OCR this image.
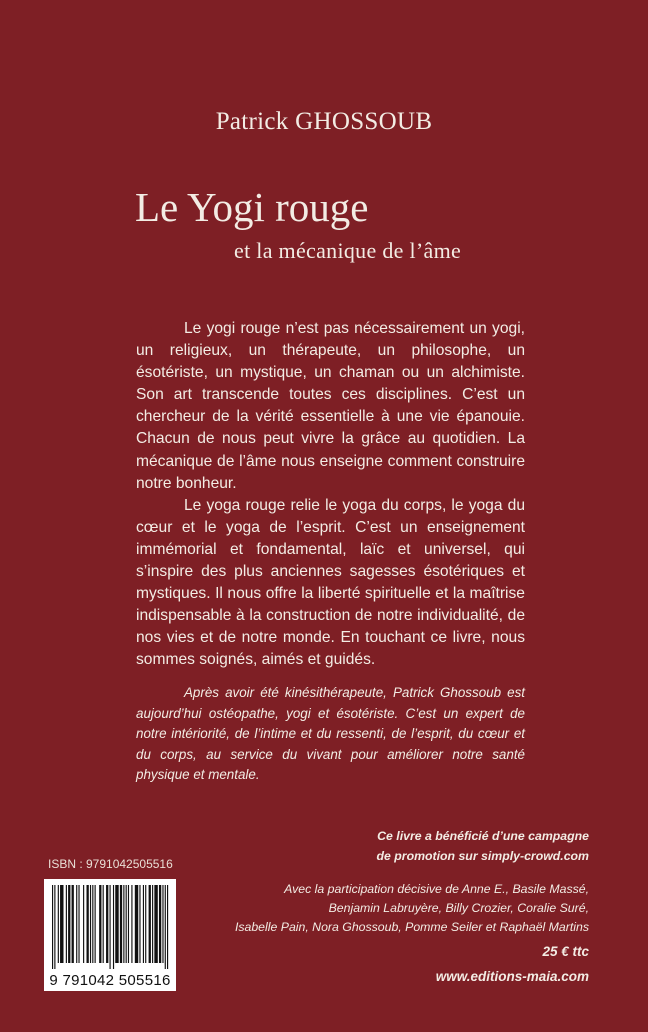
Patrick GHOSSOUB
Le Yogi rouge
et la mécanique de l’âme

Le yogi rouge n’est pas nécessairement un yogi, un religieux, un thérapeute, un philosophe, un ésotériste, un mystique, un chaman ou un alchimiste. Son art transcende toutes ces disciplines. C’est un chercheur de la vérité essentielle à une vie épanouie. Chacun de nous peut vivre la grâce au quotidien. La mécanique de l’âme nous enseigne comment construire notre bonheur.

Le yoga rouge relie le yoga du corps, le yoga du cœur et le yoga de l’esprit. C’est un enseignement immémorial et fondamental, laïc et universel, qui s’inspire des plus anciennes sagesses ésotériques et mystiques. Il nous offre la liberté spirituelle et la maîtrise indispensable à la construction de notre individualité, de nos vies et de notre monde. En touchant ce livre, nous sommes soignés, aimés et guidés.

Après avoir été kinésithérapeute, Patrick Ghossoub est aujourd’hui ostéopathe, yogi et ésotériste. C’est un expert de notre intériorité, de l’intime et du ressenti, de l’esprit, du cœur et du corps, au service du vivant pour améliorer notre santé physique et mentale.

Ce livre a bénéficié d’une campagne
de promotion sur simply-crowd.com
Avec la participation décisive de Anne E., Basile Massé,
Benjamin Labruyère, Billy Crozier, Coralie Suré,
Isabelle Pain, Nora Ghossoub, Pomme Seiler et Raphaël Martins
ISBN : 9791042505516
9 791042 505516
25 € ttc
www.editions-maia.com
